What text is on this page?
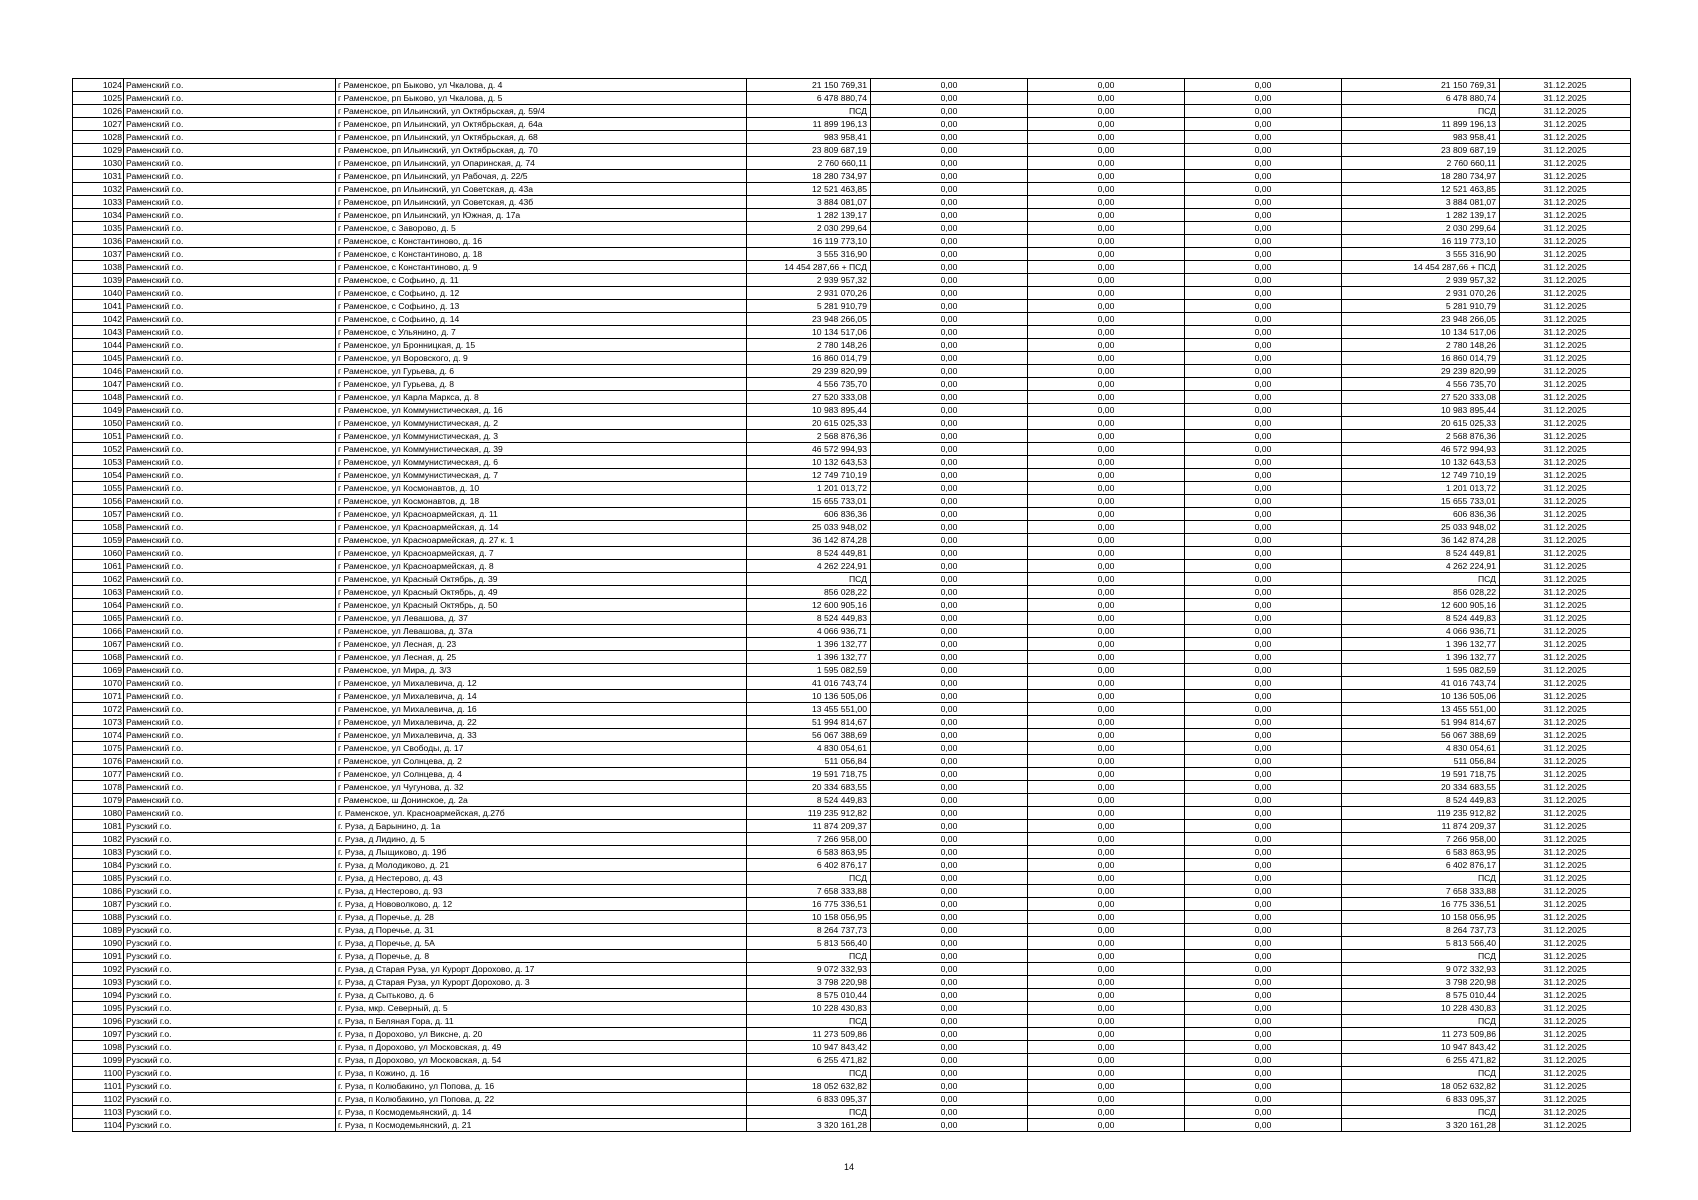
1024	Раменский г.о.	г Раменское, рп Быково, ул Чкалова, д. 4	21 150 769,31	0,00	0,00	0,00	21 150 769,31	31.12.2025
1025	Раменский г.о.	г Раменское, рп Быково, ул Чкалова, д. 5	6 478 880,74	0,00	0,00	0,00	6 478 880,74	31.12.2025
1026	Раменский г.о.	г Раменское, рп Ильинский, ул Октябрьская, д. 59/4	ПСД	0,00	0,00	0,00	ПСД	31.12.2025
1027	Раменский г.о.	г Раменское, рп Ильинский, ул Октябрьская, д. 64а	11 899 196,13	0,00	0,00	0,00	11 899 196,13	31.12.2025
1028	Раменский г.о.	г Раменское, рп Ильинский, ул Октябрьская, д. 68	983 958,41	0,00	0,00	0,00	983 958,41	31.12.2025
1029	Раменский г.о.	г Раменское, рп Ильинский, ул Октябрьская, д. 70	23 809 687,19	0,00	0,00	0,00	23 809 687,19	31.12.2025
1030	Раменский г.о.	г Раменское, рп Ильинский, ул Опаринская, д. 74	2 760 660,11	0,00	0,00	0,00	2 760 660,11	31.12.2025
1031	Раменский г.о.	г Раменское, рп Ильинский, ул Рабочая, д. 22/5	18 280 734,97	0,00	0,00	0,00	18 280 734,97	31.12.2025
1032	Раменский г.о.	г Раменское, рп Ильинский, ул Советская, д. 43а	12 521 463,85	0,00	0,00	0,00	12 521 463,85	31.12.2025
1033	Раменский г.о.	г Раменское, рп Ильинский, ул Советская, д. 43б	3 884 081,07	0,00	0,00	0,00	3 884 081,07	31.12.2025
1034	Раменский г.о.	г Раменское, рп Ильинский, ул Южная, д. 17а	1 282 139,17	0,00	0,00	0,00	1 282 139,17	31.12.2025
1035	Раменский г.о.	г Раменское, с Заворово, д. 5	2 030 299,64	0,00	0,00	0,00	2 030 299,64	31.12.2025
1036	Раменский г.о.	г Раменское, с Константиново, д. 16	16 119 773,10	0,00	0,00	0,00	16 119 773,10	31.12.2025
1037	Раменский г.о.	г Раменское, с Константиново, д. 18	3 555 316,90	0,00	0,00	0,00	3 555 316,90	31.12.2025
1038	Раменский г.о.	г Раменское, с Константиново, д. 9	14 454 287,66 + ПСД	0,00	0,00	0,00	14 454 287,66 + ПСД	31.12.2025
1039	Раменский г.о.	г Раменское, с Софьино, д. 11	2 939 957,32	0,00	0,00	0,00	2 939 957,32	31.12.2025
1040	Раменский г.о.	г Раменское, с Софьино, д. 12	2 931 070,26	0,00	0,00	0,00	2 931 070,26	31.12.2025
1041	Раменский г.о.	г Раменское, с Софьино, д. 13	5 281 910,79	0,00	0,00	0,00	5 281 910,79	31.12.2025
1042	Раменский г.о.	г Раменское, с Софьино, д. 14	23 948 266,05	0,00	0,00	0,00	23 948 266,05	31.12.2025
1043	Раменский г.о.	г Раменское, с Ульянино, д. 7	10 134 517,06	0,00	0,00	0,00	10 134 517,06	31.12.2025
1044	Раменский г.о.	г Раменское, ул Бронницкая, д. 15	2 780 148,26	0,00	0,00	0,00	2 780 148,26	31.12.2025
1045	Раменский г.о.	г Раменское, ул Воровского, д. 9	16 860 014,79	0,00	0,00	0,00	16 860 014,79	31.12.2025
1046	Раменский г.о.	г Раменское, ул Гурьева, д. 6	29 239 820,99	0,00	0,00	0,00	29 239 820,99	31.12.2025
1047	Раменский г.о.	г Раменское, ул Гурьева, д. 8	4 556 735,70	0,00	0,00	0,00	4 556 735,70	31.12.2025
1048	Раменский г.о.	г Раменское, ул Карла Маркса, д. 8	27 520 333,08	0,00	0,00	0,00	27 520 333,08	31.12.2025
1049	Раменский г.о.	г Раменское, ул Коммунистическая, д. 16	10 983 895,44	0,00	0,00	0,00	10 983 895,44	31.12.2025
1050	Раменский г.о.	г Раменское, ул Коммунистическая, д. 2	20 615 025,33	0,00	0,00	0,00	20 615 025,33	31.12.2025
1051	Раменский г.о.	г Раменское, ул Коммунистическая, д. 3	2 568 876,36	0,00	0,00	0,00	2 568 876,36	31.12.2025
1052	Раменский г.о.	г Раменское, ул Коммунистическая, д. 39	46 572 994,93	0,00	0,00	0,00	46 572 994,93	31.12.2025
1053	Раменский г.о.	г Раменское, ул Коммунистическая, д. 6	10 132 643,53	0,00	0,00	0,00	10 132 643,53	31.12.2025
1054	Раменский г.о.	г Раменское, ул Коммунистическая, д. 7	12 749 710,19	0,00	0,00	0,00	12 749 710,19	31.12.2025
1055	Раменский г.о.	г Раменское, ул Космонавтов, д. 10	1 201 013,72	0,00	0,00	0,00	1 201 013,72	31.12.2025
1056	Раменский г.о.	г Раменское, ул Космонавтов, д. 18	15 655 733,01	0,00	0,00	0,00	15 655 733,01	31.12.2025
1057	Раменский г.о.	г Раменское, ул Красноармейская, д. 11	606 836,36	0,00	0,00	0,00	606 836,36	31.12.2025
1058	Раменский г.о.	г Раменское, ул Красноармейская, д. 14	25 033 948,02	0,00	0,00	0,00	25 033 948,02	31.12.2025
1059	Раменский г.о.	г Раменское, ул Красноармейская, д. 27 к. 1	36 142 874,28	0,00	0,00	0,00	36 142 874,28	31.12.2025
1060	Раменский г.о.	г Раменское, ул Красноармейская, д. 7	8 524 449,81	0,00	0,00	0,00	8 524 449,81	31.12.2025
1061	Раменский г.о.	г Раменское, ул Красноармейская, д. 8	4 262 224,91	0,00	0,00	0,00	4 262 224,91	31.12.2025
1062	Раменский г.о.	г Раменское, ул Красный Октябрь, д. 39	ПСД	0,00	0,00	0,00	ПСД	31.12.2025
1063	Раменский г.о.	г Раменское, ул Красный Октябрь, д. 49	856 028,22	0,00	0,00	0,00	856 028,22	31.12.2025
1064	Раменский г.о.	г Раменское, ул Красный Октябрь, д. 50	12 600 905,16	0,00	0,00	0,00	12 600 905,16	31.12.2025
1065	Раменский г.о.	г Раменское, ул Левашова, д. 37	8 524 449,83	0,00	0,00	0,00	8 524 449,83	31.12.2025
1066	Раменский г.о.	г Раменское, ул Левашова, д. 37а	4 066 936,71	0,00	0,00	0,00	4 066 936,71	31.12.2025
1067	Раменский г.о.	г Раменское, ул Лесная, д. 23	1 396 132,77	0,00	0,00	0,00	1 396 132,77	31.12.2025
1068	Раменский г.о.	г Раменское, ул Лесная, д. 25	1 396 132,77	0,00	0,00	0,00	1 396 132,77	31.12.2025
1069	Раменский г.о.	г Раменское, ул Мира, д. 3/3	1 595 082,59	0,00	0,00	0,00	1 595 082,59	31.12.2025
1070	Раменский г.о.	г Раменское, ул Михалевича, д. 12	41 016 743,74	0,00	0,00	0,00	41 016 743,74	31.12.2025
1071	Раменский г.о.	г Раменское, ул Михалевича, д. 14	10 136 505,06	0,00	0,00	0,00	10 136 505,06	31.12.2025
1072	Раменский г.о.	г Раменское, ул Михалевича, д. 16	13 455 551,00	0,00	0,00	0,00	13 455 551,00	31.12.2025
1073	Раменский г.о.	г Раменское, ул Михалевича, д. 22	51 994 814,67	0,00	0,00	0,00	51 994 814,67	31.12.2025
1074	Раменский г.о.	г Раменское, ул Михалевича, д. 33	56 067 388,69	0,00	0,00	0,00	56 067 388,69	31.12.2025
1075	Раменский г.о.	г Раменское, ул Свободы, д. 17	4 830 054,61	0,00	0,00	0,00	4 830 054,61	31.12.2025
1076	Раменский г.о.	г Раменское, ул Солнцева, д. 2	511 056,84	0,00	0,00	0,00	511 056,84	31.12.2025
1077	Раменский г.о.	г Раменское, ул Солнцева, д. 4	19 591 718,75	0,00	0,00	0,00	19 591 718,75	31.12.2025
1078	Раменский г.о.	г Раменское, ул Чугунова, д. 32	20 334 683,55	0,00	0,00	0,00	20 334 683,55	31.12.2025
1079	Раменский г.о.	г Раменское, ш Донинское, д. 2а	8 524 449,83	0,00	0,00	0,00	8 524 449,83	31.12.2025
1080	Раменский г.о.	г. Раменское, ул. Красноармейская, д.27б	119 235 912,82	0,00	0,00	0,00	119 235 912,82	31.12.2025
1081	Рузский г.о.	г. Руза, д Барынино, д. 1а	11 874 209,37	0,00	0,00	0,00	11 874 209,37	31.12.2025
1082	Рузский г.о.	г. Руза, д Лидино, д. 5	7 266 958,00	0,00	0,00	0,00	7 266 958,00	31.12.2025
1083	Рузский г.о.	г. Руза, д Лыщиково, д. 19б	6 583 863,95	0,00	0,00	0,00	6 583 863,95	31.12.2025
1084	Рузский г.о.	г. Руза, д Молодиково, д. 21	6 402 876,17	0,00	0,00	0,00	6 402 876,17	31.12.2025
1085	Рузский г.о.	г. Руза, д Нестерово, д. 43	ПСД	0,00	0,00	0,00	ПСД	31.12.2025
1086	Рузский г.о.	г. Руза, д Нестерово, д. 93	7 658 333,88	0,00	0,00	0,00	7 658 333,88	31.12.2025
1087	Рузский г.о.	г. Руза, д Нововолково, д. 12	16 775 336,51	0,00	0,00	0,00	16 775 336,51	31.12.2025
1088	Рузский г.о.	г. Руза, д Поречье, д. 28	10 158 056,95	0,00	0,00	0,00	10 158 056,95	31.12.2025
1089	Рузский г.о.	г. Руза, д Поречье, д. 31	8 264 737,73	0,00	0,00	0,00	8 264 737,73	31.12.2025
1090	Рузский г.о.	г. Руза, д Поречье, д. 5А	5 813 566,40	0,00	0,00	0,00	5 813 566,40	31.12.2025
1091	Рузский г.о.	г. Руза, д Поречье, д. 8	ПСД	0,00	0,00	0,00	ПСД	31.12.2025
1092	Рузский г.о.	г. Руза, д Старая Руза, ул Курорт Дорохово, д. 17	9 072 332,93	0,00	0,00	0,00	9 072 332,93	31.12.2025
1093	Рузский г.о.	г. Руза, д Старая Руза, ул Курорт Дорохово, д. 3	3 798 220,98	0,00	0,00	0,00	3 798 220,98	31.12.2025
1094	Рузский г.о.	г. Руза, д Сытьково, д. 6	8 575 010,44	0,00	0,00	0,00	8 575 010,44	31.12.2025
1095	Рузский г.о.	г. Руза, мкр. Северный, д. 5	10 228 430,83	0,00	0,00	0,00	10 228 430,83	31.12.2025
1096	Рузский г.о.	г. Руза, п Беляная Гора, д. 11	ПСД	0,00	0,00	0,00	ПСД	31.12.2025
1097	Рузский г.о.	г. Руза, п Дорохово, ул Виксне, д. 20	11 273 509,86	0,00	0,00	0,00	11 273 509,86	31.12.2025
1098	Рузский г.о.	г. Руза, п Дорохово, ул Московская, д. 49	10 947 843,42	0,00	0,00	0,00	10 947 843,42	31.12.2025
1099	Рузский г.о.	г. Руза, п Дорохово, ул Московская, д. 54	6 255 471,82	0,00	0,00	0,00	6 255 471,82	31.12.2025
1100	Рузский г.о.	г. Руза, п Кожино, д. 16	ПСД	0,00	0,00	0,00	ПСД	31.12.2025
1101	Рузский г.о.	г. Руза, п Колюбакино, ул Попова, д. 16	18 052 632,82	0,00	0,00	0,00	18 052 632,82	31.12.2025
1102	Рузский г.о.	г. Руза, п Колюбакино, ул Попова, д. 22	6 833 095,37	0,00	0,00	0,00	6 833 095,37	31.12.2025
1103	Рузский г.о.	г. Руза, п Космодемьянский, д. 14	ПСД	0,00	0,00	0,00	ПСД	31.12.2025
1104	Рузский г.о.	г. Руза, п Космодемьянский, д. 21	3 320 161,28	0,00	0,00	0,00	3 320 161,28	31.12.2025
14
